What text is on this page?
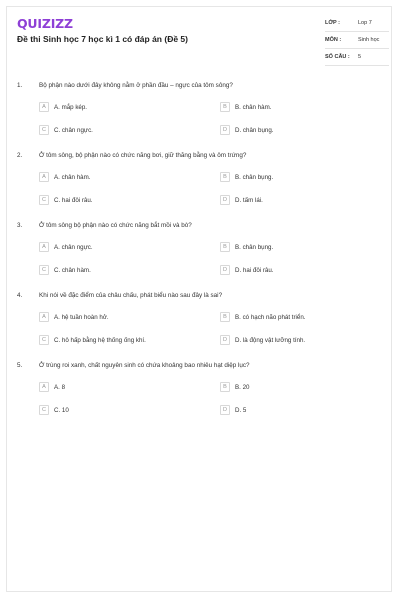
QUIZIZZ
Đề thi Sinh học 7 học kì 1 có đáp án (Đề 5)
LỚP :	Lop 7
MÔN :	Sinh học
SỐ CÂU :	5
1.	Bộ phận nào dưới đây không nằm ở phần đầu – ngực của tôm sông?
A	A. mắp kép.	B	B. chân hàm.
C	C. chân ngực.	D	D. chân bụng.
2.	Ở tôm sông, bộ phận nào có chức năng bơi, giữ thăng bằng và ôm trứng?
A	A. chân hàm.	B	B. chân bụng.
C	C. hai đôi râu.	D	D. tấm lái.
3.	Ở tôm sông bộ phận nào có chức năng bắt mồi và bò?
A	A. chân ngực.	B	B. chân bụng.
C	C. chân hàm.	D	D. hai đôi râu.
4.	Khi nói về đặc điểm của châu chấu, phát biểu nào sau đây là sai?
A	A. hệ tuần hoàn hở.	B	B. có hạch não phát triển.
C	C. hô hấp bằng hệ thống ống khí.	D	D. là động vật lưỡng tính.
5.	Ở trùng roi xanh, chất nguyên sinh có chứa khoảng bao nhiêu hạt diệp lục?
A	A. 8	B	B. 20
C	C. 10	D	D. 5
